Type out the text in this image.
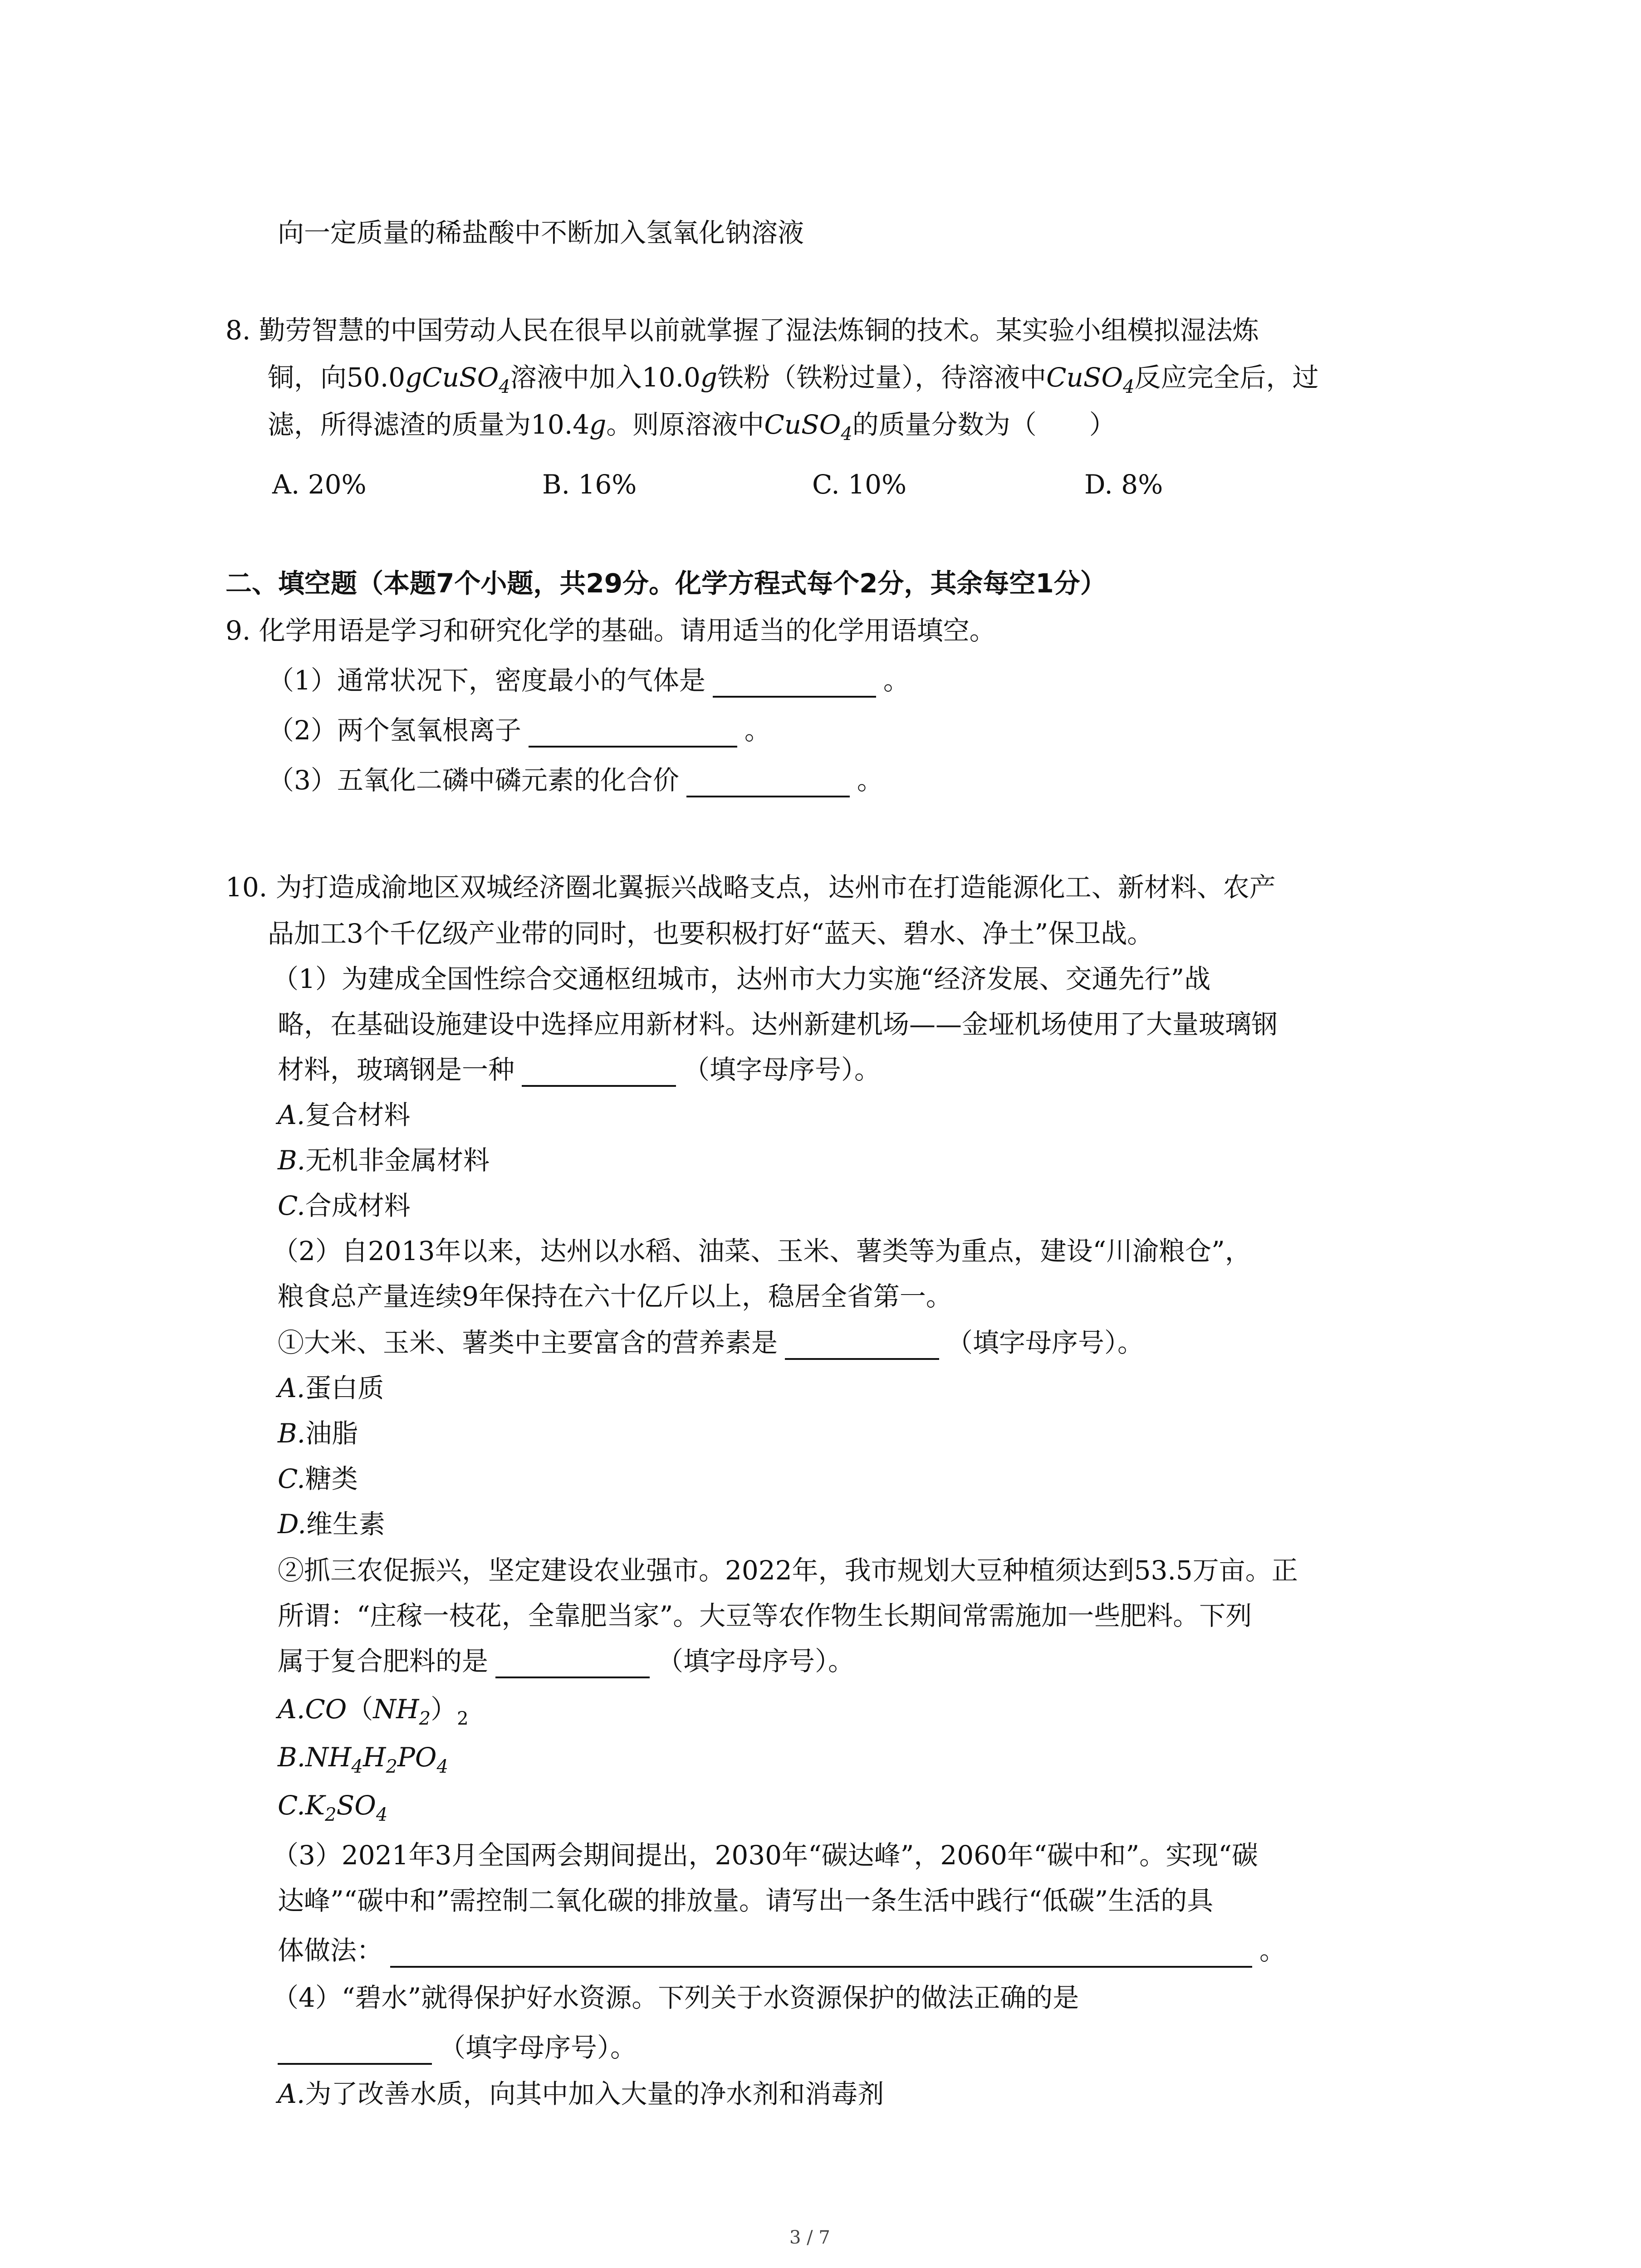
向一定质量的稀盐酸中不断加入氢氧化钠溶液
8. 勤劳智慧的中国劳动人民在很早以前就掌握了湿法炼铜的技术。某实验小组模拟湿法炼
铜，向50.0gCuSO$_4$溶液中加入10.0g铁粉（铁粉过量），待溶液中CuSO$_4$反应完全后，过
滤，所得滤渣的质量为10.4g。则原溶液中CuSO$_4$的质量分数为（　　）
A. 20%	B. 16%	C. 10%	D. 8%
二、填空题（本题7个小题，共29分。化学方程式每个2分，其余每空1分）
9. 化学用语是学习和研究化学的基础。请用适当的化学用语填空。
（1）通常状况下，密度最小的气体是	。
（2）两个氢氧根离子	。
（3）五氧化二磷中磷元素的化合价	。
10. 为打造成渝地区双城经济圈北翼振兴战略支点，达州市在打造能源化工、新材料、农产
品加工3个千亿级产业带的同时，也要积极打好“蓝天、碧水、净土”保卫战。
（1）为建成全国性综合交通枢纽城市，达州市大力实施“经济发展、交通先行”战
略，在基础设施建设中选择应用新材料。达州新建机场——金垭机场使用了大量玻璃钢
材料，玻璃钢是一种	（填字母序号）。
A.复合材料
B.无机非金属材料
C.合成材料
（2）自2013年以来，达州以水稻、油菜、玉米、薯类等为重点，建设“川渝粮仓”，
粮食总产量连续9年保持在六十亿斤以上，稳居全省第一。
①大米、玉米、薯类中主要富含的营养素是	（填字母序号）。
A.蛋白质
B.油脂
C.糖类
D.维生素
②抓三农促振兴，坚定建设农业强市。2022年，我市规划大豆种植须达到53.5万亩。正
所谓：“庄稼一枝花，全靠肥当家”。大豆等农作物生长期间常需施加一些肥料。下列
属于复合肥料的是	（填字母序号）。
$A.CO(NH_2)_2$
$B.NH_4H_2PO_4$
$C.K_2SO_4$
（3）2021年3月全国两会期间提出，2030年“碳达峰”，2060年“碳中和”。实现“碳
达峰”“碳中和”需控制二氧化碳的排放量。请写出一条生活中践行“低碳”生活的具
体做法：	。
（4）“碧水”就得保护好水资源。下列关于水资源保护的做法正确的是
（填字母序号）。
A.为了改善水质，向其中加入大量的净水剂和消毒剂
3 / 7
